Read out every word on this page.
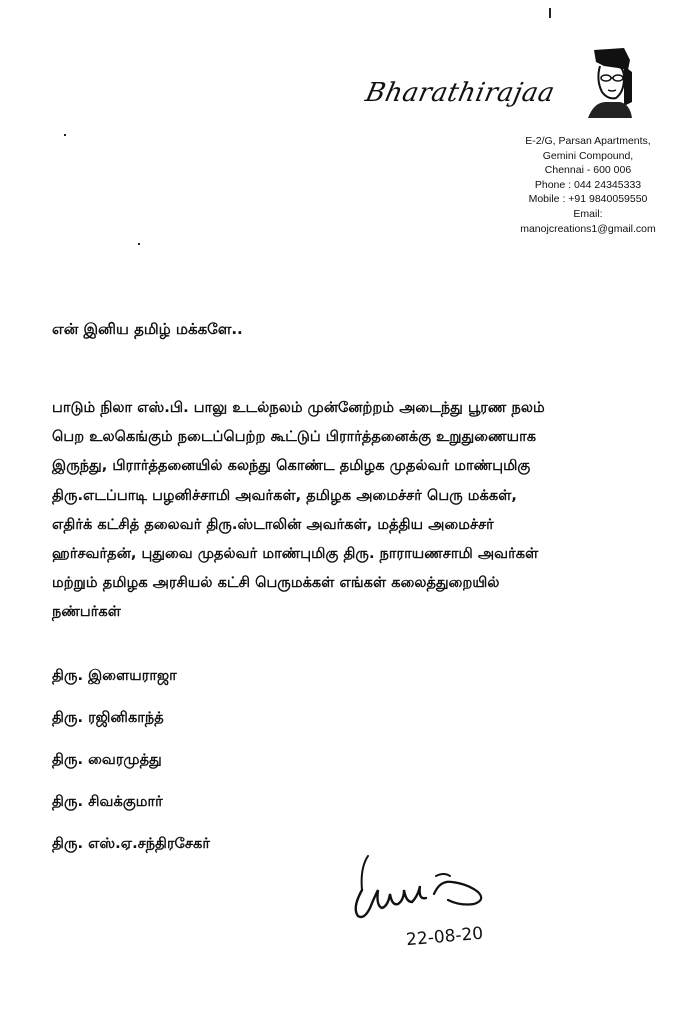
Bharathirajaa
E-2/G, Parsan Apartments,
Gemini Compound,
Chennai - 600 006
Phone : 044 24345333
Mobile : +91 9840059550
Email:
manojcreations1@gmail.com
என் இனிய தமிழ் மக்களே..
பாடும் நிலா எஸ்.பி. பாலு உடல்நலம் முன்னேற்றம் அடைந்து பூரண நலம்
பெற உலகெங்கும் நடைப்பெற்ற கூட்டுப் பிரார்த்தனைக்கு உறுதுணையாக
இருந்து, பிரார்த்தனையில் கலந்து கொண்ட தமிழக முதல்வர் மாண்புமிகு
திரு.எடப்பாடி பழனிச்சாமி அவர்கள், தமிழக அமைச்சர் பெரு மக்கள்,
எதிர்க் கட்சித் தலைவர் திரு.ஸ்டாலின் அவர்கள், மத்திய அமைச்சர்
ஹர்சவர்தன், புதுவை முதல்வர் மாண்புமிகு திரு. நாராயணசாமி அவர்கள்
மற்றும் தமிழக அரசியல் கட்சி பெருமக்கள் எங்கள் கலைத்துறையில்
நண்பர்கள்
திரு. இளையராஜா
திரு. ரஜினிகாந்த்
திரு. வைரமுத்து
திரு. சிவக்குமார்
திரு. எஸ்.ஏ.சந்திரசேகர்
22-08-20
